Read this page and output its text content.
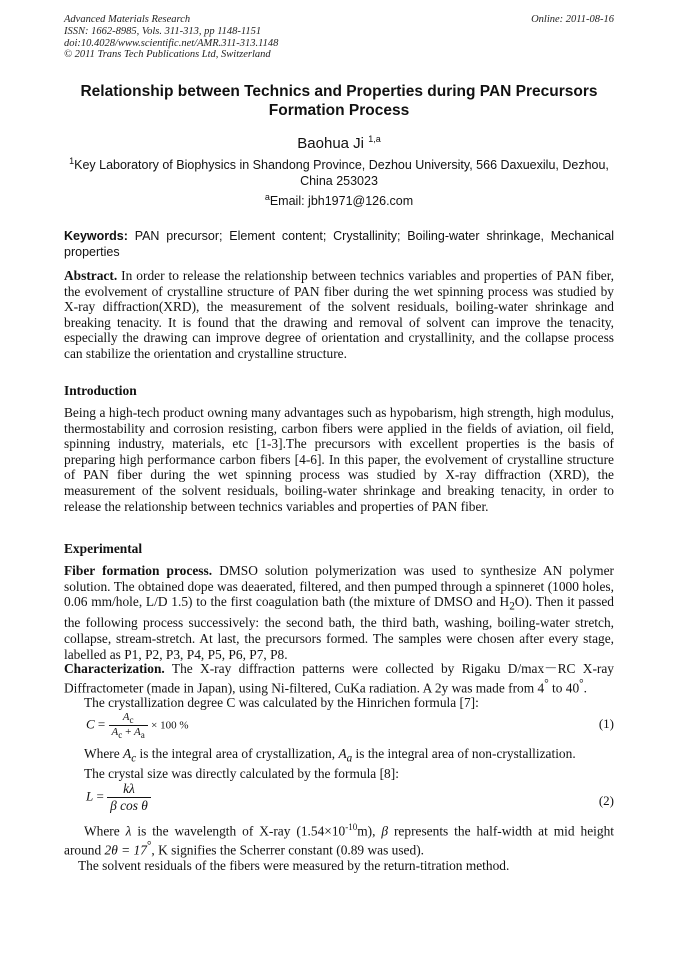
Advanced Materials Research
ISSN: 1662-8985, Vols. 311-313, pp 1148-1151
doi:10.4028/www.scientific.net/AMR.311-313.1148
© 2011 Trans Tech Publications Ltd, Switzerland
Online: 2011-08-16
Relationship between Technics and Properties during PAN Precursors Formation Process
Baohua Ji $^{1,a}$
$^1$Key Laboratory of Biophysics in Shandong Province, Dezhou University, 566 Daxuexilu, Dezhou, China 253023
$^a$Email: jbh1971@126.com
Keywords: PAN precursor; Element content; Crystallinity; Boiling-water shrinkage, Mechanical properties
Abstract. In order to release the relationship between technics variables and properties of PAN fiber, the evolvement of crystalline structure of PAN fiber during the wet spinning process was studied by X-ray diffraction(XRD), the measurement of the solvent residuals, boiling-water shrinkage and breaking tenacity. It is found that the drawing and removal of solvent can improve the tenacity, especially the drawing can improve degree of orientation and crystallinity, and the collapse process can stabilize the orientation and crystalline structure.
Introduction
Being a high-tech product owning many advantages such as hypobarism, high strength, high modulus, thermostability and corrosion resisting, carbon fibers were applied in the fields of aviation, oil field, spinning industry, materials, etc [1-3].The precursors with excellent properties is the basis of preparing high performance carbon fibers [4-6]. In this paper, the evolvement of crystalline structure of PAN fiber during the wet spinning process was studied by X-ray diffraction (XRD), the measurement of the solvent residuals, boiling-water shrinkage and breaking tenacity, in order to release the relationship between technics variables and properties of PAN fiber.
Experimental
Fiber formation process. DMSO solution polymerization was used to synthesize AN polymer solution. The obtained dope was deaerated, filtered, and then pumped through a spinneret (1000 holes, 0.06 mm/hole, L/D 1.5) to the first coagulation bath (the mixture of DMSO and $H_2O$). Then it passed the following process successively: the second bath, the third bath, washing, boiling-water stretch, collapse, stream-stretch. At last, the precursors formed. The samples were chosen after every stage, labelled as P1, P2, P3, P4, P5, P6, P7, P8.
Characterization. The X-ray diffraction patterns were collected by Rigaku D/max－RC X-ray Diffractometer (made in Japan), using Ni-filtered, CuKa radiation. A 2y was made from 4° to 40°.
The crystallization degree C was calculated by the Hinrichen formula [7]:
$C = \frac{A_c}{A_c + A_a} \times 100$ %	(1)
Where $A_c$ is the integral area of crystallization, $A_a$ is the integral area of non-crystallization.
The crystal size was directly calculated by the formula [8]:
$L = \frac{k\lambda}{\text{β cos θ}}$	(2)
Where λ is the wavelength of X-ray $(1.54\times 10^{-10}m)$, β represents the half-width at mid height around 2θ = 17°, K signifies the Scherrer constant (0.89 was used).
The solvent residuals of the fibers were measured by the return-titration method.
